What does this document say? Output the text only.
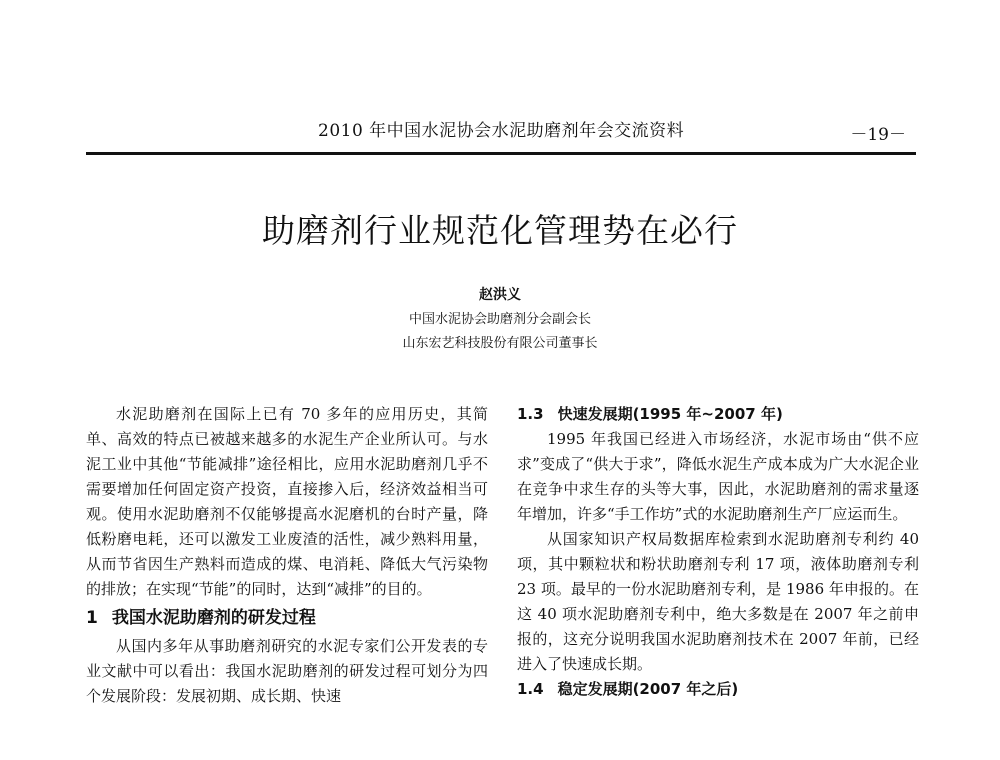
2010 年中国水泥协会水泥助磨剂年会交流资料	－19－
助磨剂行业规范化管理势在必行
赵洪义
中国水泥协会助磨剂分会副会长
山东宏艺科技股份有限公司董事长

水泥助磨剂在国际上已有 70 多年的应用历史，其简单、高效的特点已被越来越多的水泥生产企业所认可。与水泥工业中其他“节能减排”途径相比，应用水泥助磨剂几乎不需要增加任何固定资产投资，直接掺入后，经济效益相当可观。使用水泥助磨剂不仅能够提高水泥磨机的台时产量，降低粉磨电耗，还可以激发工业废渣的活性，减少熟料用量，从而节省因生产熟料而造成的煤、电消耗、降低大气污染物的排放；在实现“节能”的同时，达到“减排”的目的。

1 我国水泥助磨剂的研发过程

从国内多年从事助磨剂研究的水泥专家们公开发表的专业文献中可以看出：我国水泥助磨剂的研发过程可划分为四个发展阶段：发展初期、成长期、快速

1.3 快速发展期(1995 年~2007 年)

1995 年我国已经进入市场经济，水泥市场由“供不应求”变成了“供大于求”，降低水泥生产成本成为广大水泥企业在竞争中求生存的头等大事，因此，水泥助磨剂的需求量逐年增加，许多“手工作坊”式的水泥助磨剂生产厂应运而生。

从国家知识产权局数据库检索到水泥助磨剂专利约 40 项，其中颗粒状和粉状助磨剂专利 17 项，液体助磨剂专利 23 项。最早的一份水泥助磨剂专利，是 1986 年申报的。在这 40 项水泥助磨剂专利中，绝大多数是在 2007 年之前申报的，这充分说明我国水泥助磨剂技术在 2007 年前，已经进入了快速成长期。

1.4 稳定发展期(2007 年之后)
